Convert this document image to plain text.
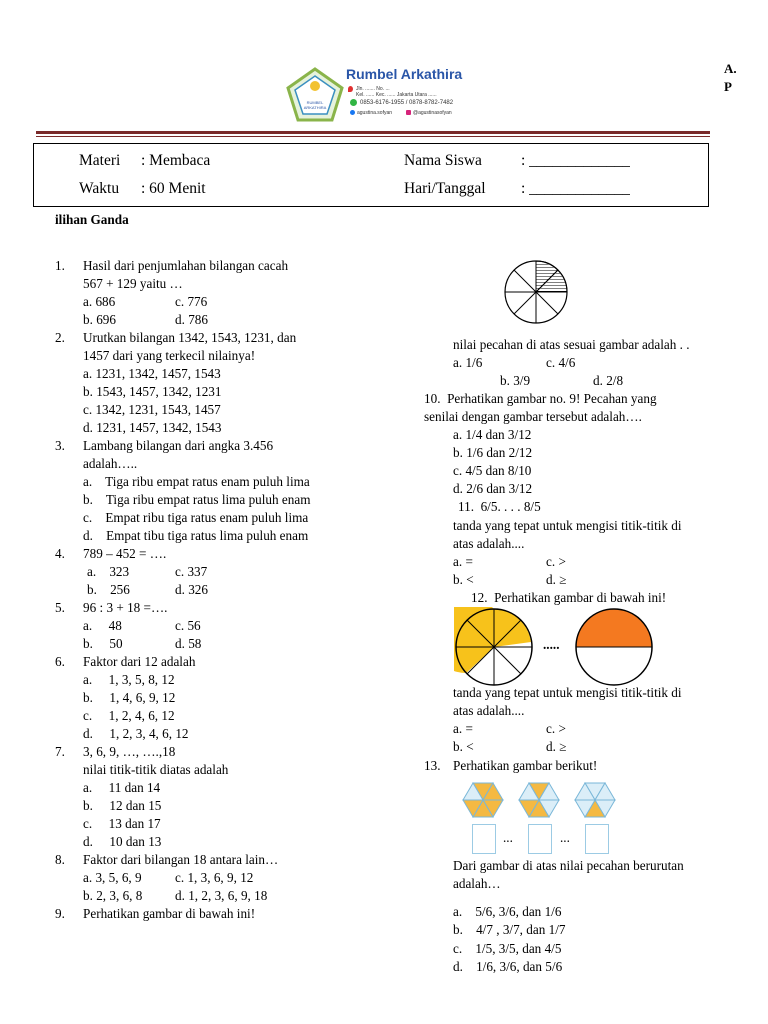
A.
P
RUMBEL
ARKATHIRA
Rumbel Arkathira
Jln. ....... No. ...
Kel. ...... Kec. ...... Jakarta Utara ......
0853-6176-1955 / 0878-8782-7482
agustina.sofyan	@agustinasofyan
Materi : Membaca
Waktu : 60 Menit
Nama Siswa	: _____________
Hari/Tanggal : _____________
ilihan Ganda
1. Hasil dari penjumlahan bilangan cacah
567 + 129 yaitu …
a. 686	c. 776
b. 696	d. 786
2. Urutkan bilangan 1342, 1543, 1231, dan
1457 dari yang terkecil nilainya!
a. 1231, 1342, 1457, 1543
b. 1543, 1457, 1342, 1231
c. 1342, 1231, 1543, 1457
d. 1231, 1457, 1342, 1543
3. Lambang bilangan dari angka 3.456
adalah…..
a.    Tiga ribu empat ratus enam puluh lima
b.    Tiga ribu empat ratus lima puluh enam
c.    Empat ribu tiga ratus enam puluh lima
d.    Empat tibu tiga ratus lima puluh enam
4. 789 – 452 = ….
a.    323	c. 337
b.    256	d. 326
5. 96 : 3 + 18 =….
a.     48	c. 56
b.     50	d. 58
6. Faktor dari 12 adalah
a.     1, 3, 5, 8, 12
b.     1, 4, 6, 9, 12
c.     1, 2, 4, 6, 12
d.     1, 2, 3, 4, 6, 12
7. 3, 6, 9, …, ….,18
nilai titik-titik diatas adalah
a.     11 dan 14
b.     12 dan 15
c.     13 dan 17
d.     10 dan 13
8. Faktor dari bilangan 18 antara lain…
a. 3, 5, 6, 9	c. 1, 3, 6, 9, 12
b. 2, 3, 6, 8 d. 1, 2, 3, 6, 9, 18
9. Perhatikan gambar di bawah ini!
nilai pecahan di atas sesuai gambar adalah . .
a. 1/6	c. 4/6
b. 3/9	d. 2/8
10.  Perhatikan gambar no. 9! Pecahan yang
senilai dengan gambar tersebut adalah….
a. 1/4 dan 3/12
b. 1/6 dan 2/12
c. 4/5 dan 8/10
d. 2/6 dan 3/12
11.  6/5. . . . 8/5
tanda yang tepat untuk mengisi titik-titik di
atas adalah....
a. =	c. >
b. <	d. ≥
12.  Perhatikan gambar di bawah ini!
.....
tanda yang tepat untuk mengisi titik-titik di
atas adalah....
a. =	c. >
b. <	d. ≥
13. Perhatikan gambar berikut!
...	...
Dari gambar di atas nilai pecahan berurutan
adalah…
a.    5/6, 3/6, dan 1/6
b.    4/7 , 3/7, dan 1/7
c.    1/5, 3/5, dan 4/5
d.    1/6, 3/6, dan 5/6
